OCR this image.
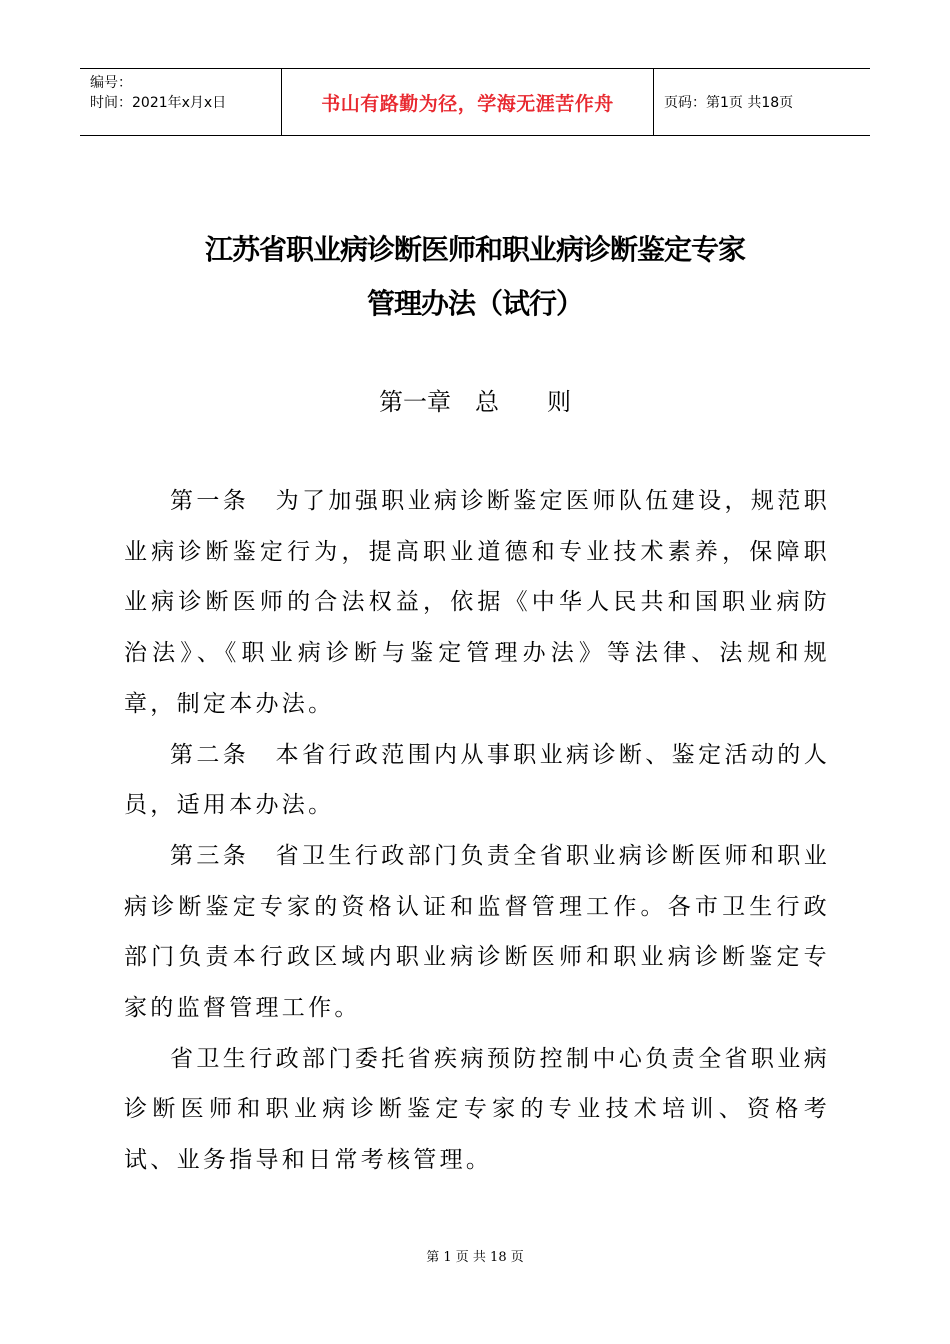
编号：
时间：2021年x月x日	书山有路勤为径，学海无涯苦作舟	页码：第1页 共18页
江苏省职业病诊断医师和职业病诊断鉴定专家
管理办法（试行）
第一章　总　　则

第一条　为了加强职业病诊断鉴定医师队伍建设，规范职业病诊断鉴定行为，提高职业道德和专业技术素养，保障职业病诊断医师的合法权益，依据《中华人民共和国职业病防治法》、《职业病诊断与鉴定管理办法》等法律、法规和规章，制定本办法。

第二条　本省行政范围内从事职业病诊断、鉴定活动的人员，适用本办法。

第三条　省卫生行政部门负责全省职业病诊断医师和职业病诊断鉴定专家的资格认证和监督管理工作。各市卫生行政部门负责本行政区域内职业病诊断医师和职业病诊断鉴定专家的监督管理工作。

省卫生行政部门委托省疾病预防控制中心负责全省职业病诊断医师和职业病诊断鉴定专家的专业技术培训、资格考试、业务指导和日常考核管理。

第 1 页 共 18 页
